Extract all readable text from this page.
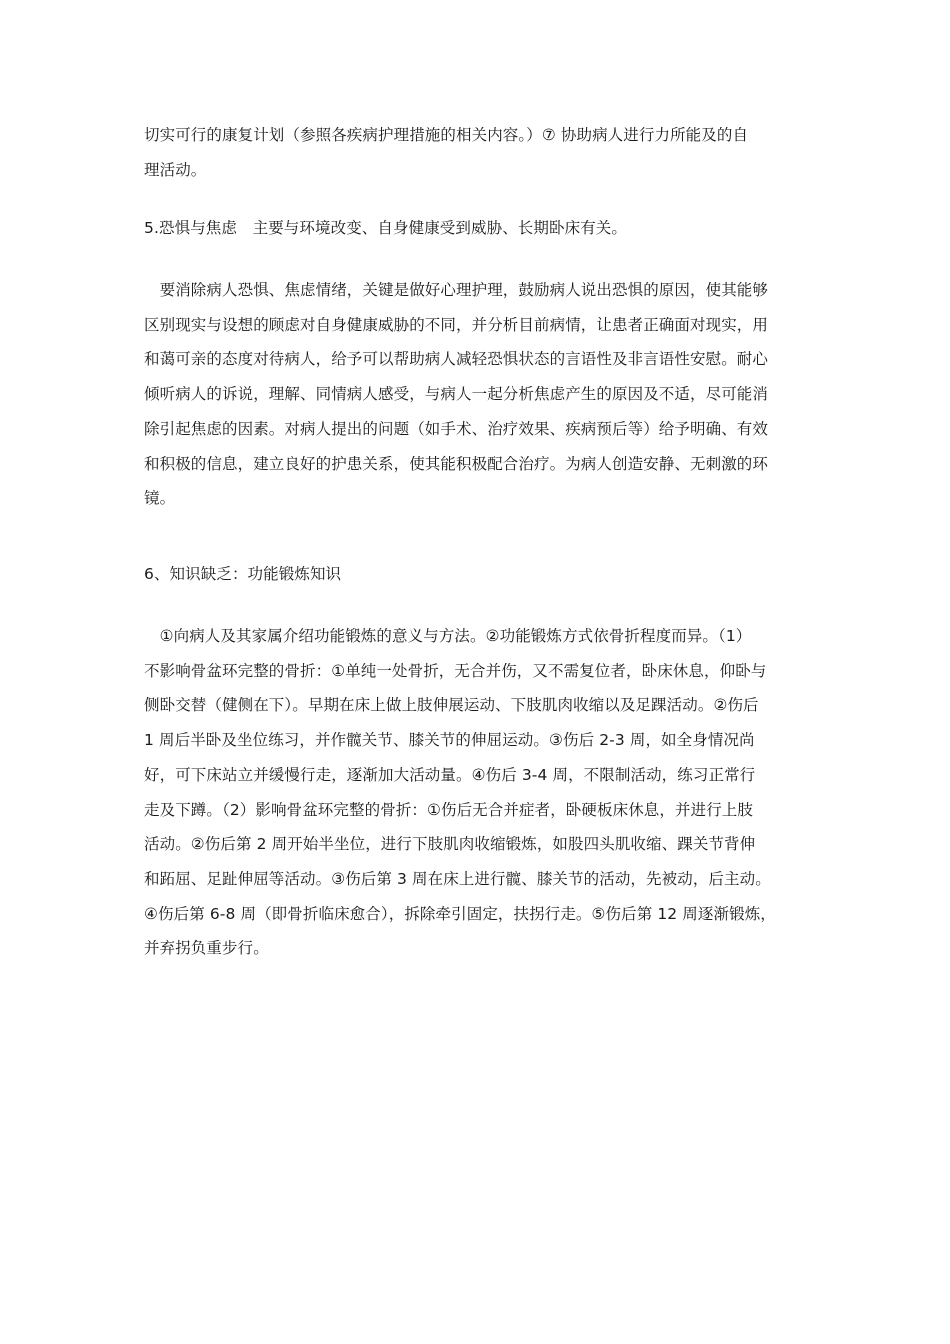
切实可行的康复计划（参照各疾病护理措施的相关内容。）⑦ 协助病人进行力所能及的自
理活动。
5.恐惧与焦虑　主要与环境改变、自身健康受到威胁、长期卧床有关。
　要消除病人恐惧、焦虑情绪，关键是做好心理护理，鼓励病人说出恐惧的原因，使其能够
区别现实与设想的顾虑对自身健康威胁的不同，并分析目前病情，让患者正确面对现实，用
和蔼可亲的态度对待病人，给予可以帮助病人减轻恐惧状态的言语性及非言语性安慰。耐心
倾听病人的诉说，理解、同情病人感受，与病人一起分析焦虑产生的原因及不适，尽可能消
除引起焦虑的因素。对病人提出的问题（如手术、治疗效果、疾病预后等）给予明确、有效
和积极的信息，建立良好的护患关系，使其能积极配合治疗。为病人创造安静、无刺激的环
镜。
6、知识缺乏：功能锻炼知识
　①向病人及其家属介绍功能锻炼的意义与方法。②功能锻炼方式依骨折程度而异。（1）
不影响骨盆环完整的骨折：①单纯一处骨折，无合并伤，又不需复位者，卧床休息，仰卧与
侧卧交替（健侧在下）。早期在床上做上肢伸展运动、下肢肌肉收缩以及足踝活动。②伤后
1 周后半卧及坐位练习，并作髋关节、膝关节的伸屈运动。③伤后 2-3 周，如全身情况尚
好，可下床站立并缓慢行走，逐渐加大活动量。④伤后 3-4 周，不限制活动，练习正常行
走及下蹲。（2）影响骨盆环完整的骨折：①伤后无合并症者，卧硬板床休息，并进行上肢
活动。②伤后第 2 周开始半坐位，进行下肢肌肉收缩锻炼，如股四头肌收缩、踝关节背伸
和跖屈、足趾伸屈等活动。③伤后第 3 周在床上进行髋、膝关节的活动，先被动，后主动。
④伤后第 6-8 周（即骨折临床愈合），拆除牵引固定，扶拐行走。⑤伤后第 12 周逐渐锻炼，
并弃拐负重步行。
